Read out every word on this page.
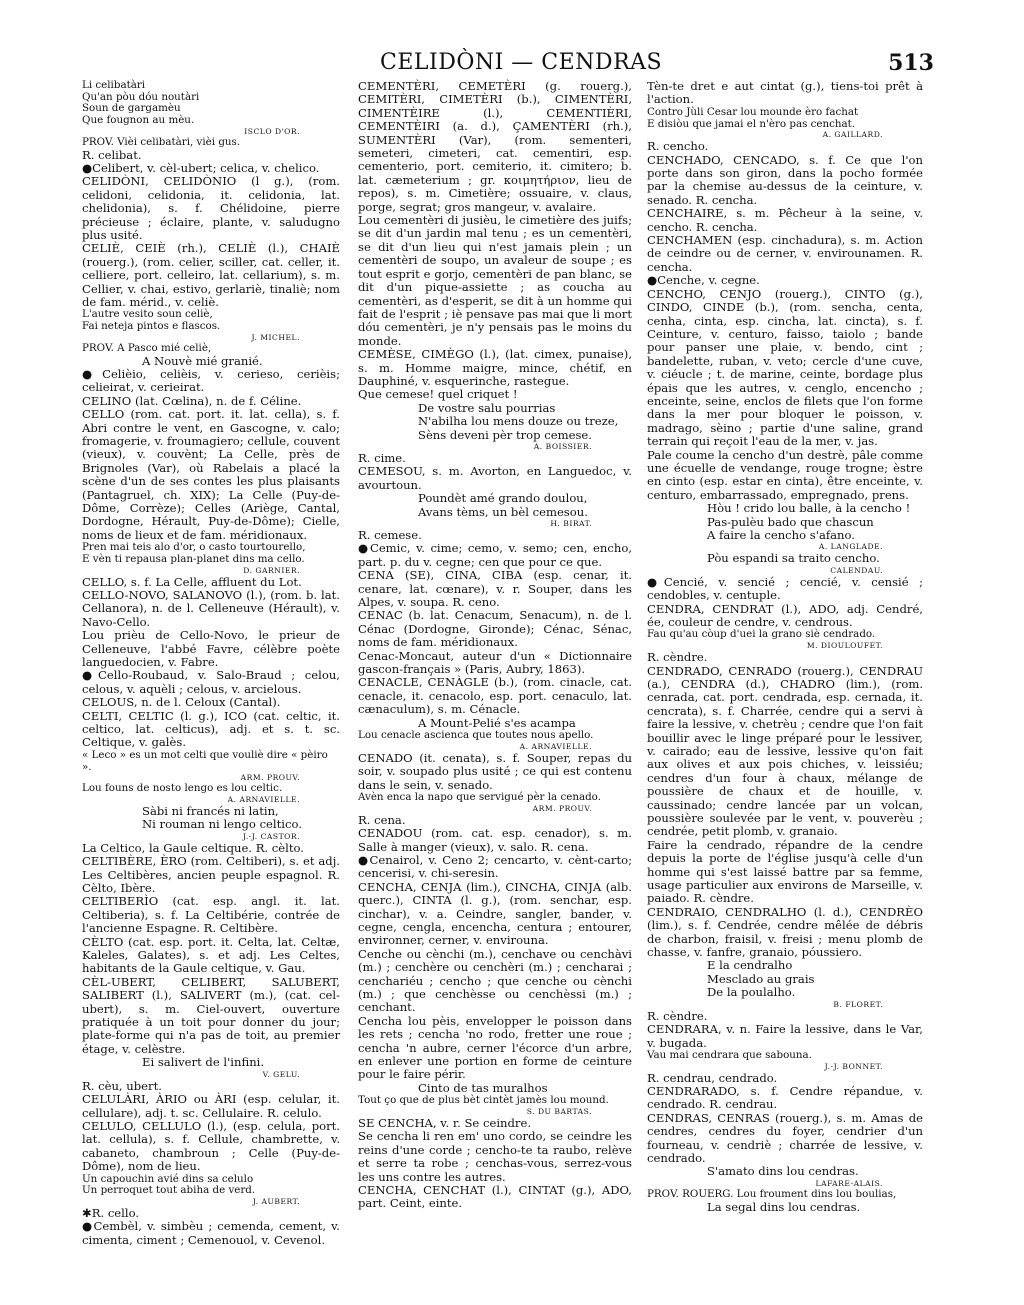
CELIDÒNI — CENDRAS	513

Li celibatàri

Qu'an pòu dóu noutàri

Soun de gargamèu

Que fougnon au mèu.

ISCLO D'OR.

PROV. Vièi celibatàri, vièi gus.

R. celibat.

●Celibert, v. cèl-ubert; celica, v. chelico.

CELIDÒNI, CELIDÒNIO (l g.), (rom. celidoni, celidonia, it. celidonia, lat. chelidonia), s. f. Chélidoine, pierre précieuse ; éclaire, plante, v. saludugno plus usité.

CELIÈ, CEIÈ (rh.), CELIÈ (l.), CHAIÈ (rouerg.), (rom. celier, sciller, cat. celler, it. celliere, port. celleiro, lat. cellarium), s. m. Cellier, v. chai, estivo, gerlariè, tinaliè; nom de fam. mérid., v. celiè.

L'autre vesito soun celiè,

Fai neteja pintos e flascos.

J. MICHEL.

PROV. A Pasco mié celiè,

A Nouvè mié granié.

●Celièio, celièis, v. cerieso, cerièis; celieirat, v. cerieirat.

CELINO (lat. Cœlina), n. de f. Céline.

CELLO (rom. cat. port. it. lat. cella), s. f. Abri contre le vent, en Gascogne, v. calo; fromagerie, v. froumagiero; cellule, couvent (vieux), v. couvènt; La Celle, près de Brignoles (Var), où Rabelais a placé la scène d'un de ses contes les plus plaisants (Pantagruel, ch. XIX); La Celle (Puy-de-Dôme, Corrèze); Celles (Ariège, Cantal, Dordogne, Hérault, Puy-de-Dôme); Cielle, noms de lieux et de fam. méridionaux.

Pren mai teis alo d'or, o casto tourtourello,

E vèn ti repausa plan-planet dins ma cello.

D. GARNIER.

CELLO, s. f. La Celle, affluent du Lot.

CELLO-NOVO, SALANOVO (l.), (rom. b. lat. Cellanora), n. de l. Celleneuve (Hérault), v. Navo-Cello.

Lou prièu de Cello-Novo, le prieur de Celleneuve, l'abbé Favre, célèbre poète languedocien, v. Fabre.

●Cello-Roubaud, v. Salo-Braud ; celou, celous, v. aquèli ; celous, v. arcielous.

CELOUS, n. de l. Celoux (Cantal).

CELTI, CELTIC (l. g.), ICO (cat. celtic, it. celtico, lat. celticus), adj. et s. t. sc. Celtique, v. galès.

« Leco » es un mot celti que vouliè dire « pèiro ».

ARM. PROUV.

Lou founs de nosto lengo es lou celtic.

A. ARNAVIELLE.

Sàbi ni francés ni latin,

Ni rouman ni lengo celtico.

J.-J. CASTOR.

La Celtico, la Gaule celtique. R. cèlto.

CELTIBÈRE, ÈRO (rom. Celtiberi), s. et adj. Les Celtibères, ancien peuple espagnol. R. Cèlto, Ibère.

CELTIBERÌO (cat. esp. angl. it. lat. Celtiberia), s. f. La Celtibérie, contrée de l'ancienne Espagne. R. Celtibère.

CÈLTO (cat. esp. port. it. Celta, lat. Celtæ, Kaleles, Galates), s. et adj. Les Celtes, habitants de la Gaule celtique, v. Gau.

CÈL-UBERT, CELIBERT, SALUBERT, SALIBERT (l.), SALIVERT (m.), (cat. cel-ubert), s. m. Ciel-ouvert, ouverture pratiquée à un toit pour donner du jour; plate-forme qui n'a pas de toit, au premier étage, v. celèstre.

Ei salivert de l'infini.

V. GELU.

R. cèu, ubert.

CELULÀRI, ÀRIO ou ÀRI (esp. celular, it. cellulare), adj. t. sc. Cellulaire. R. celulo.

CELULO, CELLULO (l.), (esp. celula, port. lat. cellula), s. f. Cellule, chambrette, v. cabaneto, chambroun ; Celle (Puy-de-Dôme), nom de lieu.

Un capouchin avié dins sa celulo

Un perroquet tout abiha de verd.

J. AUBERT.

✱R. cello.

●Cembèl, v. simbèu ; cemenda, cement, v. cimenta, ciment ; Cemenouol, v. Cevenol.

CEMENTÈRI, CEMETÈRI (g. rouerg.), CEMITÈRI, CIMETÈRI (b.), CIMENTÈRI, CIMENTÈIRE (l.), CEMENTIÈRI, CEMENTÈIRI (a. d.), ÇAMENTÈRI (rh.), SUMENTÈRI (Var), (rom. sementeri, semeteri, cimeteri, cat. cementiri, esp. cementerio, port. cemiterio, it. cimitero; b. lat. cæmeterium ; gr. κοιμητήριον, lieu de repos), s. m. Cimetière; ossuaire, v. claus, porge, segrat; gros mangeur, v. avalaire.

Lou cementèri di jusièu, le cimetière des juifs; se dit d'un jardin mal tenu ; es un cementèri, se dit d'un lieu qui n'est jamais plein ; un cementèri de soupo, un avaleur de soupe ; es tout esprit e gorjo, cementèri de pan blanc, se dit d'un pique-assiette ; as coucha au cementèri, as d'esperit, se dit à un homme qui fait de l'esprit ; iè pensave pas mai que li mort dóu cementèri, je n'y pensais pas le moins du monde.

CEMÈSE, CIMÈGO (l.), (lat. cimex, punaise), s. m. Homme maigre, mince, chétif, en Dauphiné, v. esquerinche, rastegue.

Que cemese! quel criquet !

De vostre salu pourrias

N'abilha lou mens douze ou treze,

Sèns deveni pèr trop cemese.

A. BOISSIER.

R. cime.

CEMESOU, s. m. Avorton, en Languedoc, v. avourtoun.

Poundèt amé grando doulou,

Avans tèms, un bèl cemesou.

H. BIRAT.

R. cemese.

●Cemic, v. cime; cemo, v. semo; cen, encho, part. p. du v. cegne; cen que pour ce que.

CENA (SE), CINA, CIBA (esp. cenar, it. cenare, lat. cœnare), v. r. Souper, dans les Alpes, v. soupa. R. ceno.

CENAC (b. lat. Cenacum, Senacum), n. de l. Cénac (Dordogne, Gironde); Cénac, Sénac, noms de fam. méridionaux.

Cenac-Moncaut, auteur d'un « Dictionnaire gascon-français » (Paris, Aubry, 1863).

CENACLE, CENÀGLE (b.), (rom. cinacle, cat. cenacle, it. cenacolo, esp. port. cenaculo, lat. cænaculum), s. m. Cénacle.

A Mount-Pelié s'es acampa

Lou cenacle ascienca que toutes nous apello.

A. ARNAVIELLE.

CENADO (it. cenata), s. f. Souper, repas du soir, v. soupado plus usité ; ce qui est contenu dans le sein, v. senado.

Avèn enca la napo que servigué pèr la cenado.

ARM. PROUV.

R. cena.

CENADOU (rom. cat. esp. cenador), s. m. Salle à manger (vieux), v. salo. R. cena.

●Cenairol, v. Ceno 2; cencarto, v. cènt-carto; cencerisi, v. chi-seresin.

CENCHA, CENJA (lim.), CINCHA, CINJA (alb. querc.), CINTA (l. g.), (rom. senchar, esp. cinchar), v. a. Ceindre, sangler, bander, v. cegne, cengla, encencha, centura ; entourer, environner, cerner, v. envirouna.

Cenche ou cènchi (m.), cenchave ou cenchàvi (m.) ; cenchère ou cenchèri (m.) ; cencharai ; cenchariéu ; cencho ; que cenche ou cènchi (m.) ; que cenchèsse ou cenchèssi (m.) ; cenchant.

Cencha lou pèis, envelopper le poisson dans les rets ; cencha 'no rodo, fretter une roue ; cencha 'n aubre, cerner l'écorce d'un arbre, en enlever une portion en forme de ceinture pour le faire périr.

Cinto de tas muralhos

Tout ço que de plus bèt cintèt jamès lou mound.

S. DU BARTAS.

SE CENCHA, v. r. Se ceindre.

Se cencha li ren em' uno cordo, se ceindre les reins d'une corde ; cencho-te ta raubo, relève et serre ta robe ; cenchas-vous, serrez-vous les uns contre les autres.

CENCHA, CENCHAT (l.), CINTAT (g.), ADO, part. Ceint, einte.

Tèn-te dret e aut cintat (g.), tiens-toi prêt à l'action.

Contro Jùli Cesar lou mounde èro fachat

E disiòu que jamai el n'èro pas cenchat.

A. GAILLARD.

R. cencho.

CENCHADO, CENCADO, s. f. Ce que l'on porte dans son giron, dans la pocho formée par la chemise au-dessus de la ceinture, v. senado. R. cencha.

CENCHAIRE, s. m. Pêcheur à la seine, v. cencho. R. cencha.

CENCHAMEN (esp. cinchadura), s. m. Action de ceindre ou de cerner, v. envirounamen. R. cencha.

●Cenche, v. cegne.

CENCHO, CENJO (rouerg.), CINTO (g.), CINDO, CINDE (b.), (rom. sencha, centa, cenha, cinta, esp. cincha, lat. cincta), s. f. Ceinture, v. centuro, faisso, taiolo ; bande pour panser une plaie, v. bendo, cint ; bandelette, ruban, v. veto; cercle d'une cuve, v. ciéucle ; t. de marine, ceinte, bordage plus épais que les autres, v. cenglo, encencho ; enceinte, seine, enclos de filets que l'on forme dans la mer pour bloquer le poisson, v. madrago, sèino ; partie d'une saline, grand terrain qui reçoit l'eau de la mer, v. jas.

Pale coume la cencho d'un destrè, pâle comme une écuelle de vendange, rouge trogne; èstre en cinto (esp. estar en cinta), être enceinte, v. centuro, embarrassado, empregnado, prens.

Hòu ! crido lou balle, à la cencho !

Pas-pulèu bado que chascun

A faire la cencho s'afano.

A. LANGLADE.

Pòu espandi sa traito cencho.

CALENDAU.

●Cencié, v. sencié ; cencié, v. censié ; cendobles, v. centuple.

CENDRA, CENDRAT (l.), ADO, adj. Cendré, ée, couleur de cendre, v. cendrous.

Fau qu'au còup d'uei la grano siè cendrado.

M. DIOULOUFET.

R. cèndre.

CENDRADO, CENRADO (rouerg.), CENDRAU (a.), CENDRA (d.), CHADRO (lim.), (rom. cenrada, cat. port. cendrada, esp. cernada, it. cencrata), s. f. Charrée, cendre qui a servi à faire la lessive, v. chetrèu ; cendre que l'on fait bouillir avec le linge préparé pour le lessiver, v. cairado; eau de lessive, lessive qu'on fait aux olives et aux pois chiches, v. leissiéu; cendres d'un four à chaux, mélange de poussière de chaux et de houille, v. caussinado; cendre lancée par un volcan, poussière soulevée par le vent, v. pouverèu ; cendrée, petit plomb, v. granaio.

Faire la cendrado, répandre de la cendre depuis la porte de l'église jusqu'à celle d'un homme qui s'est laissé battre par sa femme, usage particulier aux environs de Marseille, v. paiado. R. cèndre.

CENDRAIO, CENDRALHO (l. d.), CENDRÈO (lim.), s. f. Cendrée, cendre mêlée de débris de charbon, fraisil, v. freisi ; menu plomb de chasse, v. fanfre, granaio, póussiero.

E la cendralho

Mesclado au grais

De la poulalho.

B. FLORET.

R. cèndre.

CENDRARA, v. n. Faire la lessive, dans le Var, v. bugada.

Vau mai cendrara que sabouna.

J.-J. BONNET.

R. cendrau, cendrado.

CENDRARADO, s. f. Cendre répandue, v. cendrado. R. cendrau.

CENDRAS, CENRAS (rouerg.), s. m. Amas de cendres, cendres du foyer, cendrier d'un fourneau, v. cendriè ; charrée de lessive, v. cendrado.

S'amato dins lou cendras.

LAFARE-ALAIS.

PROV. ROUERG. Lou froument dins lou boulias,

La segal dins lou cendras.
